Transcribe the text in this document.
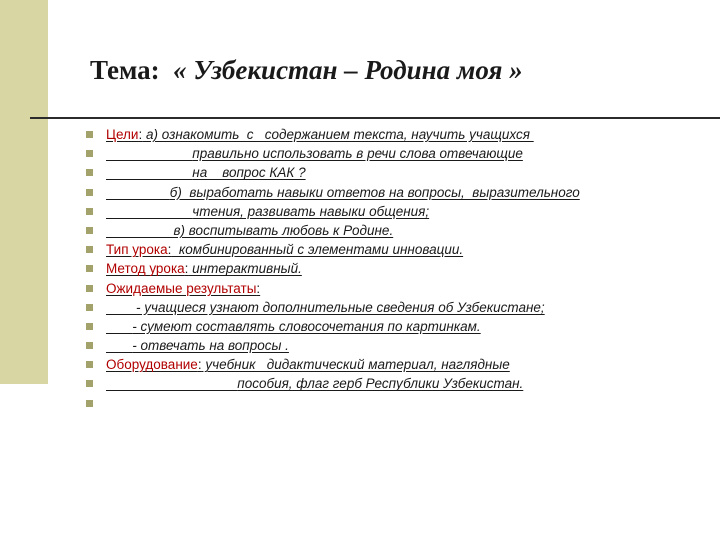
Тема: « Узбекистан – Родина моя »
Цели: а) ознакомить  с   содержанием текста, научить учащихся
правильно использовать в речи слова отвечающие
на    вопрос КАК ?
б)  выработать навыки ответов на вопросы,  выразительного
чтения, развивать навыки общения;
в) воспитывать любовь к Родине.
Тип урока:  комбинированный с элементами инновации.
Метод урока: интерактивный.
Ожидаемые результаты:
- учащиеся узнают дополнительные сведения об Узбекистане;
- сумеют составлять словосочетания по картинкам.
- отвечать на вопросы .
Оборудование: учебник   дидактический материал, наглядные
пособия, флаг герб Республики Узбекистан.
